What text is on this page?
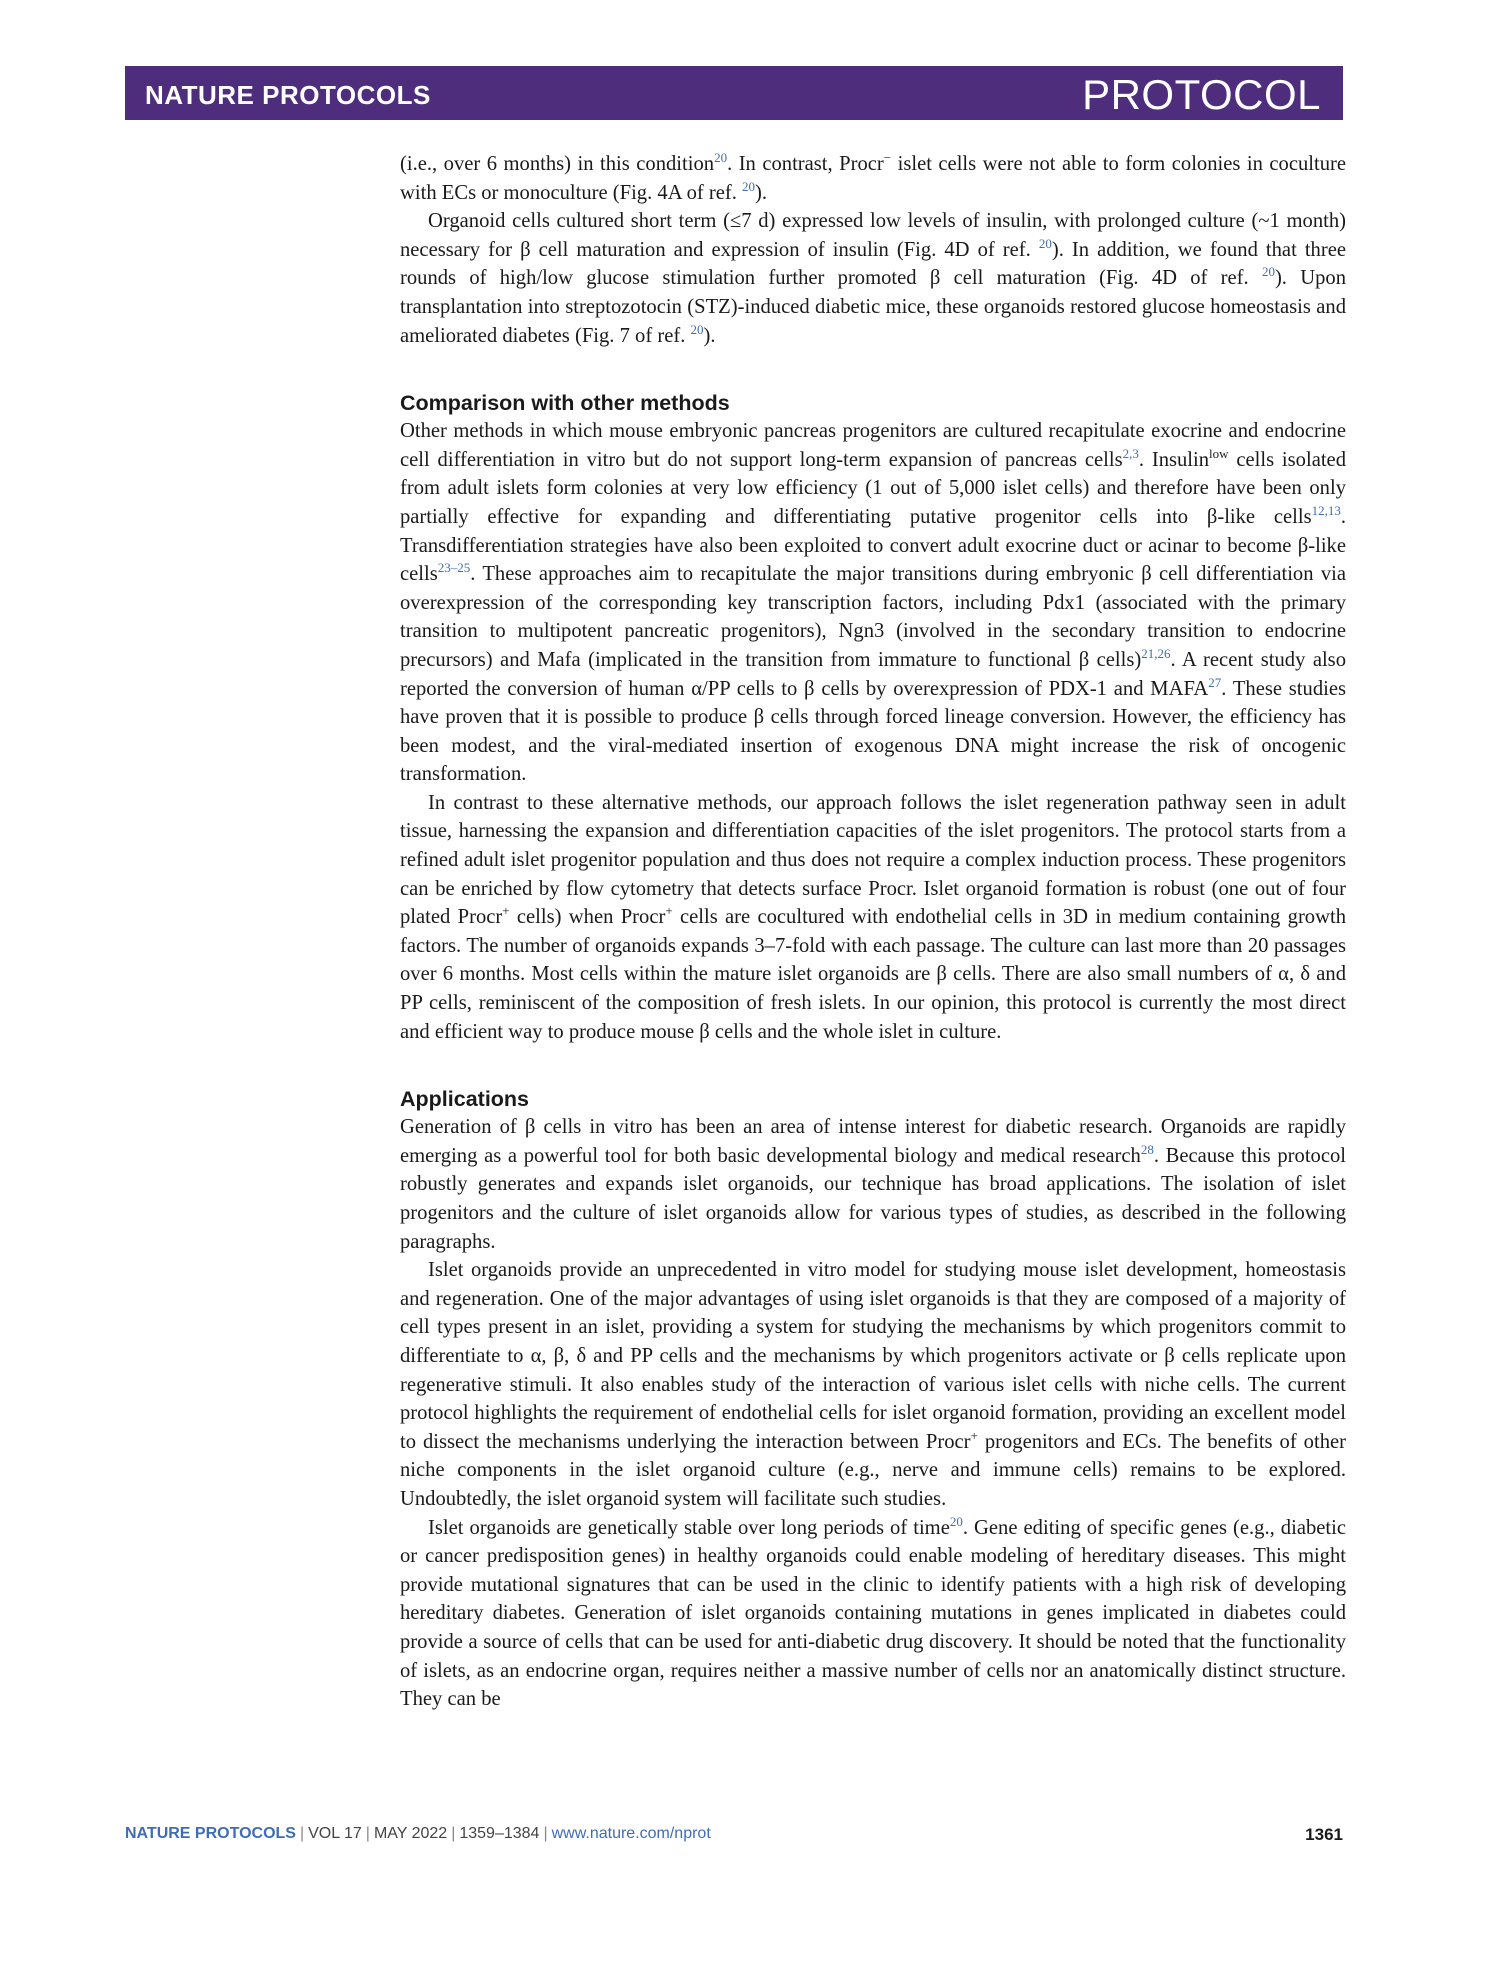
NATURE PROTOCOLS	PROTOCOL

(i.e., over 6 months) in this condition$^{20}$. In contrast, Procr− islet cells were not able to form colonies in coculture with ECs or monoculture (Fig. 4A of ref. $^{20}$).

Organoid cells cultured short term (≤7 d) expressed low levels of insulin, with prolonged culture (~1 month) necessary for β cell maturation and expression of insulin (Fig. 4D of ref. $^{20}$). In addition, we found that three rounds of high/low glucose stimulation further promoted β cell maturation (Fig. 4D of ref. $^{20}$). Upon transplantation into streptozotocin (STZ)-induced diabetic mice, these organoids restored glucose homeostasis and ameliorated diabetes (Fig. 7 of ref. $^{20}$).

Comparison with other methods

Other methods in which mouse embryonic pancreas progenitors are cultured recapitulate exocrine and endocrine cell differentiation in vitro but do not support long-term expansion of pancreas cells$^{2,3}$. Insulin$^{low}$ cells isolated from adult islets form colonies at very low efficiency (1 out of 5,000 islet cells) and therefore have been only partially effective for expanding and differentiating putative progenitor cells into β-like cells$^{12,13}$. Transdifferentiation strategies have also been exploited to convert adult exocrine duct or acinar to become β-like cells$^{23-25}$. These approaches aim to recapitulate the major transitions during embryonic β cell differentiation via overexpression of the corresponding key transcription factors, including Pdx1 (associated with the primary transition to multipotent pancreatic progenitors), Ngn3 (involved in the secondary transition to endocrine precursors) and Mafa (implicated in the transition from immature to functional β cells)$^{21,26}$. A recent study also reported the conversion of human α/PP cells to β cells by overexpression of PDX-1 and MAFA$^{27}$. These studies have proven that it is possible to produce β cells through forced lineage conversion. However, the efficiency has been modest, and the viral-mediated insertion of exogenous DNA might increase the risk of oncogenic transformation.

In contrast to these alternative methods, our approach follows the islet regeneration pathway seen in adult tissue, harnessing the expansion and differentiation capacities of the islet progenitors. The protocol starts from a refined adult islet progenitor population and thus does not require a complex induction process. These progenitors can be enriched by flow cytometry that detects surface Procr. Islet organoid formation is robust (one out of four plated Procr+ cells) when Procr+ cells are cocultured with endothelial cells in 3D in medium containing growth factors. The number of organoids expands 3–7-fold with each passage. The culture can last more than 20 passages over 6 months. Most cells within the mature islet organoids are β cells. There are also small numbers of α, δ and PP cells, reminiscent of the composition of fresh islets. In our opinion, this protocol is currently the most direct and efficient way to produce mouse β cells and the whole islet in culture.

Applications

Generation of β cells in vitro has been an area of intense interest for diabetic research. Organoids are rapidly emerging as a powerful tool for both basic developmental biology and medical research$^{28}$. Because this protocol robustly generates and expands islet organoids, our technique has broad applications. The isolation of islet progenitors and the culture of islet organoids allow for various types of studies, as described in the following paragraphs.

Islet organoids provide an unprecedented in vitro model for studying mouse islet development, homeostasis and regeneration. One of the major advantages of using islet organoids is that they are composed of a majority of cell types present in an islet, providing a system for studying the mechanisms by which progenitors commit to differentiate to α, β, δ and PP cells and the mechanisms by which progenitors activate or β cells replicate upon regenerative stimuli. It also enables study of the interaction of various islet cells with niche cells. The current protocol highlights the requirement of endothelial cells for islet organoid formation, providing an excellent model to dissect the mechanisms underlying the interaction between Procr+ progenitors and ECs. The benefits of other niche components in the islet organoid culture (e.g., nerve and immune cells) remains to be explored. Undoubtedly, the islet organoid system will facilitate such studies.

Islet organoids are genetically stable over long periods of time$^{20}$. Gene editing of specific genes (e.g., diabetic or cancer predisposition genes) in healthy organoids could enable modeling of hereditary diseases. This might provide mutational signatures that can be used in the clinic to identify patients with a high risk of developing hereditary diabetes. Generation of islet organoids containing mutations in genes implicated in diabetes could provide a source of cells that can be used for anti-diabetic drug discovery. It should be noted that the functionality of islets, as an endocrine organ, requires neither a massive number of cells nor an anatomically distinct structure. They can be

NATURE PROTOCOLS | VOL 17 | MAY 2022 | 1359–1384 | www.nature.com/nprot	1361
